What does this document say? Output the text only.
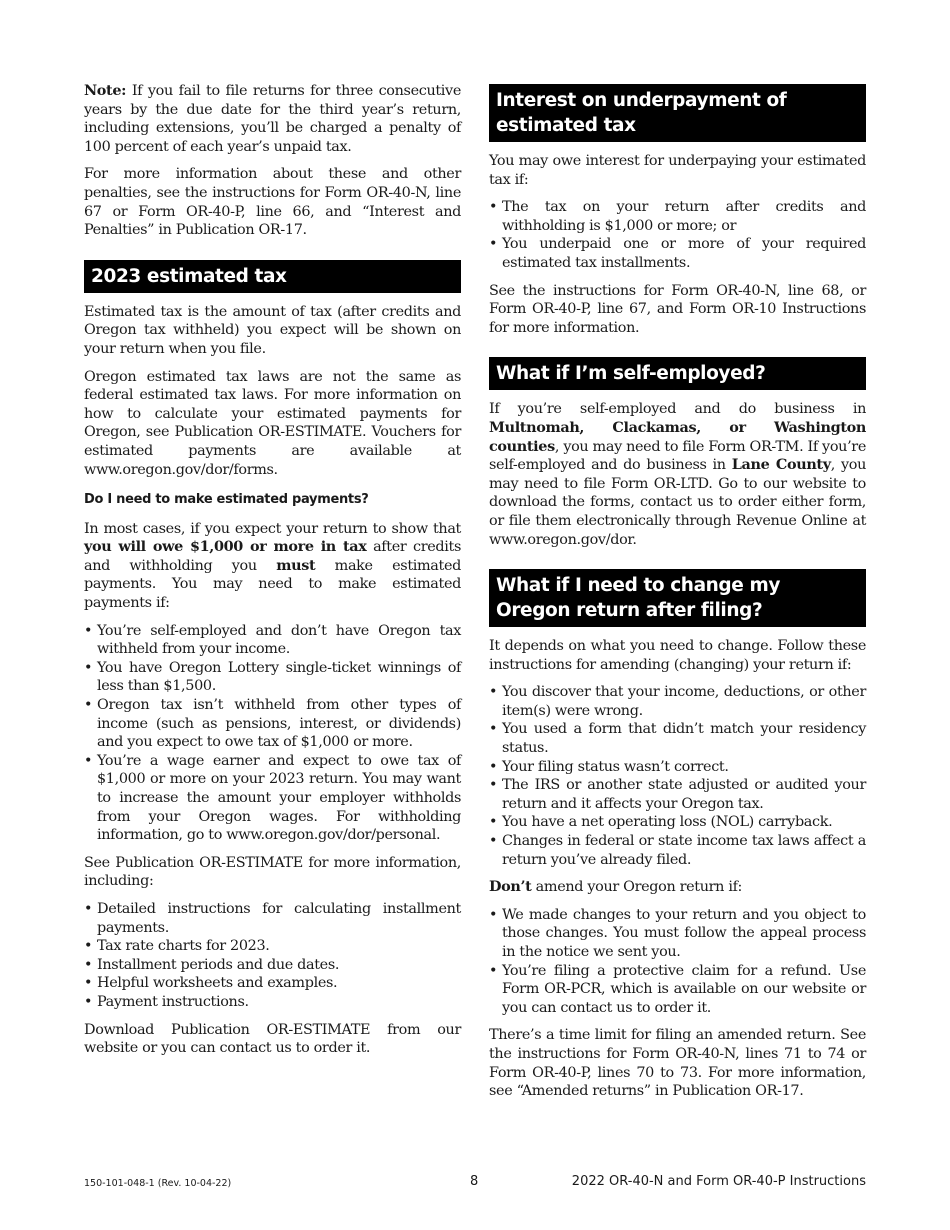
Note: If you fail to file returns for three consecutive years by the due date for the third year’s return, including extensions, you’ll be charged a penalty of 100 percent of each year’s unpaid tax.

For more information about these and other penalties, see the instructions for Form OR-40-N, line 67 or Form OR-40-P, line 66, and “Interest and Penalties” in Publication OR-17.

2023 estimated tax

Estimated tax is the amount of tax (after credits and Oregon tax withheld) you expect will be shown on your return when you file.

Oregon estimated tax laws are not the same as federal estimated tax laws. For more information on how to calculate your estimated payments for Oregon, see Publication OR-ESTIMATE. Vouchers for estimated payments are available at www.oregon.gov/dor/forms.

Do I need to make estimated payments?

In most cases, if you expect your return to show that you will owe $1,000 or more in tax after credits and withholding you must make estimated payments. You may need to make estimated payments if:

• You’re self-employed and don’t have Oregon tax withheld from your income.
• You have Oregon Lottery single-ticket winnings of less than $1,500.
• Oregon tax isn’t withheld from other types of income (such as pensions, interest, or dividends) and you expect to owe tax of $1,000 or more.
• You’re a wage earner and expect to owe tax of $1,000 or more on your 2023 return. You may want to increase the amount your employer withholds from your Oregon wages. For withholding information, go to www.oregon.gov/dor/personal.

See Publication OR-ESTIMATE for more information, including:

• Detailed instructions for calculating installment payments.
• Tax rate charts for 2023.
• Installment periods and due dates.
• Helpful worksheets and examples.
• Payment instructions.

Download Publication OR-ESTIMATE from our website or you can contact us to order it.

Interest on underpayment of estimated tax

You may owe interest for underpaying your estimated tax if:

• The tax on your return after credits and withholding is $1,000 or more; or
• You underpaid one or more of your required estimated tax installments.

See the instructions for Form OR-40-N, line 68, or Form OR-40-P, line 67, and Form OR-10 Instructions for more information.

What if I’m self-employed?

If you’re self-employed and do business in Multnomah, Clackamas, or Washington counties, you may need to file Form OR-TM. If you’re self-employed and do business in Lane County, you may need to file Form OR-LTD. Go to our website to download the forms, contact us to order either form, or file them electronically through Revenue Online at www.oregon.gov/dor.

What if I need to change my Oregon return after filing?

It depends on what you need to change. Follow these instructions for amending (changing) your return if:

• You discover that your income, deductions, or other item(s) were wrong.
• You used a form that didn’t match your residency status.
• Your filing status wasn’t correct.
• The IRS or another state adjusted or audited your return and it affects your Oregon tax.
• You have a net operating loss (NOL) carryback.
• Changes in federal or state income tax laws affect a return you’ve already filed.

Don’t amend your Oregon return if:

• We made changes to your return and you object to those changes. You must follow the appeal process in the notice we sent you.
• You’re filing a protective claim for a refund. Use Form OR-PCR, which is available on our website or you can contact us to order it.

There’s a time limit for filing an amended return. See the instructions for Form OR-40-N, lines 71 to 74 or Form OR-40-P, lines 70 to 73. For more information, see “Amended returns” in Publication OR-17.

150-101-048-1 (Rev. 10-04-22)	8	2022 OR-40-N and Form OR-40-P Instructions
